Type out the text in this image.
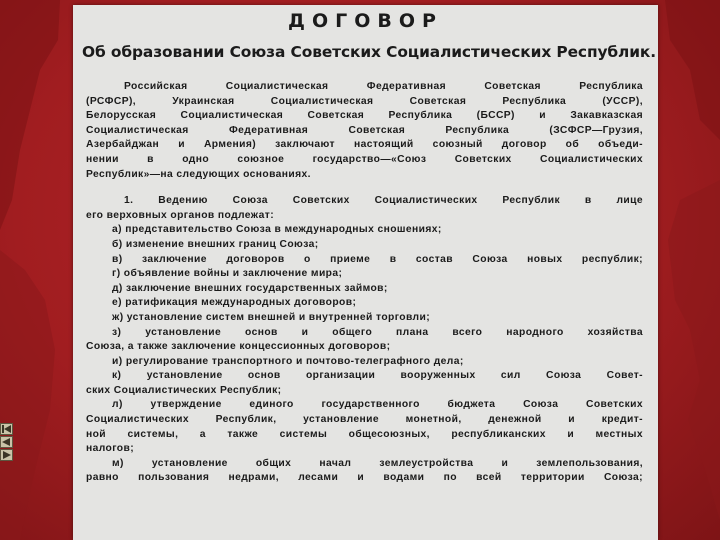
ДОГОВОР
Об образовании Союза Советских Социалистических Республик.
Российская Социалистическая Федеративная Советская Республика
(РСФСР), Украинская Социалистическая Советская Республика (УССР),
Белорусская Социалистическая Советская Республика (БССР) и Закавказская
Социалистическая Федеративная Советская Республика (ЗСФСР—Грузия,
Азербайджан и Армения) заключают настоящий союзный договор об объеди-
нении в одно союзное государство—«Союз Советских Социалистических
Республик»—на следующих основаниях.
1. Ведению Союза Советских Социалистических Республик в лице
его верховных органов подлежат:
а) представительство Союза в международных сношениях;
б) изменение внешних границ Союза;
в) заключение договоров о приеме в состав Союза новых республик;
г) объявление войны и заключение мира;
д) заключение внешних государственных займов;
е) ратификация международных договоров;
ж) установление систем внешней и внутренней торговли;
з) установление основ и общего плана всего народного хозяйства
Союза, а также заключение концессионных договоров;
и) регулирование транспортного и почтово-телеграфного дела;
к) установление основ организации вооруженных сил Союза Совет-
ских Социалистических Республик;
л) утверждение единого государственного бюджета Союза Советских
Социалистических Республик, установление монетной, денежной и кредит-
ной системы, а также системы общесоюзных, республиканских и местных
налогов;
м) установление общих начал землеустройства и землепользования,
равно пользования недрами, лесами и водами по всей территории Союза;
